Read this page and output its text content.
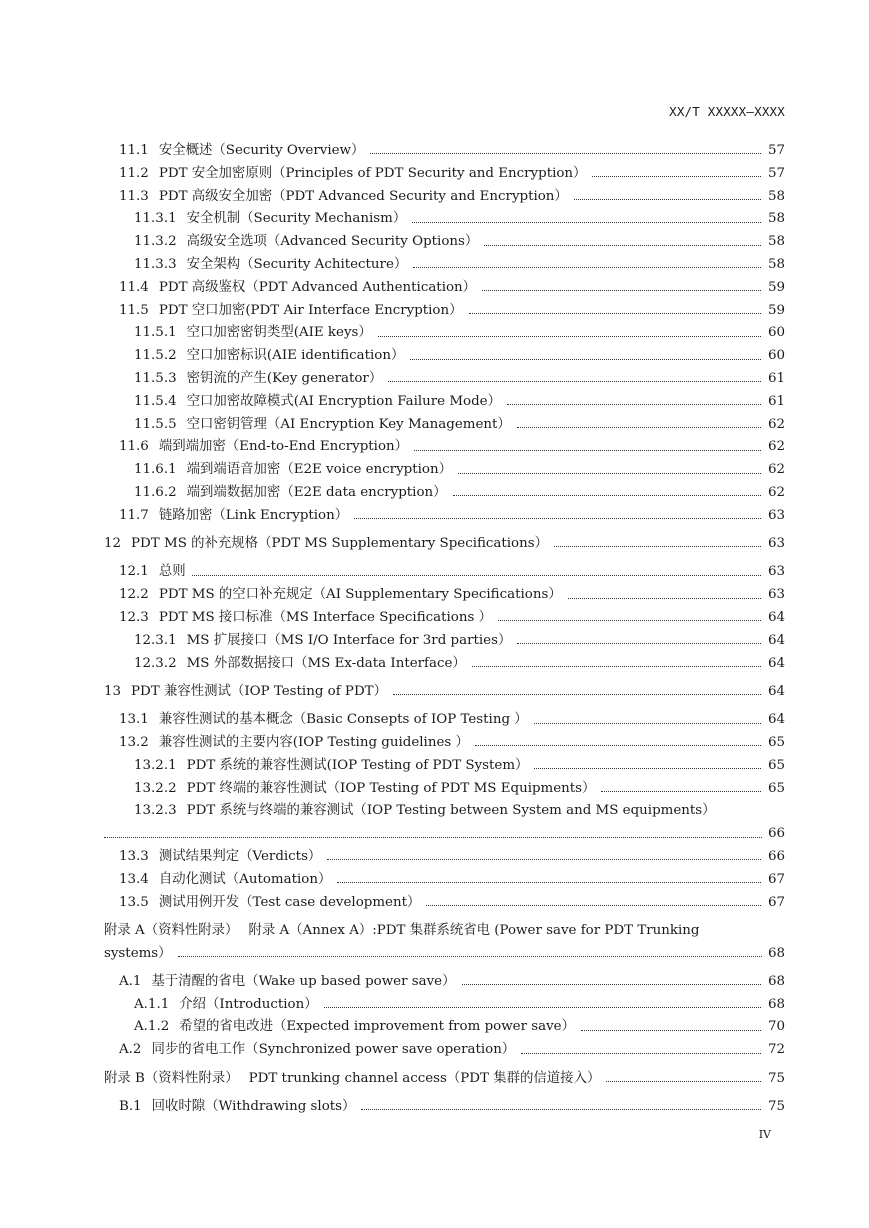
XX/T XXXXX—XXXX
11.1 安全概述（Security Overview）	57
11.2 PDT 安全加密原则（Principles of PDT Security and Encryption）	57
11.3 PDT 高级安全加密（PDT Advanced Security and Encryption）	58
11.3.1 安全机制（Security Mechanism）	58
11.3.2 高级安全选项（Advanced Security Options）	58
11.3.3 安全架构（Security Achitecture）	58
11.4 PDT 高级鉴权（PDT Advanced Authentication）	59
11.5 PDT 空口加密(PDT Air Interface Encryption）	59
11.5.1 空口加密密钥类型(AIE keys）	60
11.5.2 空口加密标识(AIE identification）	60
11.5.3 密钥流的产生(Key generator）	61
11.5.4 空口加密故障模式(AI Encryption Failure Mode）	61
11.5.5 空口密钥管理（AI Encryption Key Management）	62
11.6 端到端加密（End-to-End Encryption）	62
11.6.1 端到端语音加密（E2E voice encryption）	62
11.6.2 端到端数据加密（E2E data encryption）	62
11.7 链路加密（Link Encryption）	63
12 PDT MS 的补充规格（PDT MS Supplementary Specifications）	63
12.1 总则	63
12.2 PDT MS 的空口补充规定（AI Supplementary Specifications）	63
12.3 PDT MS 接口标准（MS Interface Specifications ）	64
12.3.1 MS 扩展接口（MS I/O Interface for 3rd parties）	64
12.3.2 MS 外部数据接口（MS Ex-data Interface）	64
13 PDT 兼容性测试（IOP Testing of PDT）	64
13.1 兼容性测试的基本概念（Basic Consepts of IOP Testing ）	64
13.2 兼容性测试的主要内容(IOP Testing guidelines ）	65
13.2.1 PDT 系统的兼容性测试(IOP Testing of PDT System）	65
13.2.2 PDT 终端的兼容性测试（IOP Testing of PDT MS Equipments）	65
13.2.3 PDT 系统与终端的兼容测试（IOP Testing between System and MS equipments）
66
13.3 测试结果判定（Verdicts）	66
13.4 自动化测试（Automation）	67
13.5 测试用例开发（Test case development）	67
附录 A（资料性附录） 附录 A（Annex A）:PDT 集群系统省电 (Power save for PDT Trunking
systems）	68
A.1 基于清醒的省电（Wake up based power save）	68
A.1.1 介绍（Introduction）	68
A.1.2 希望的省电改进（Expected improvement from power save）	70
A.2 同步的省电工作（Synchronized power save operation）	72
附录 B（资料性附录） PDT trunking channel access（PDT 集群的信道接入）	75
B.1 回收时隙（Withdrawing slots）	75
IV
